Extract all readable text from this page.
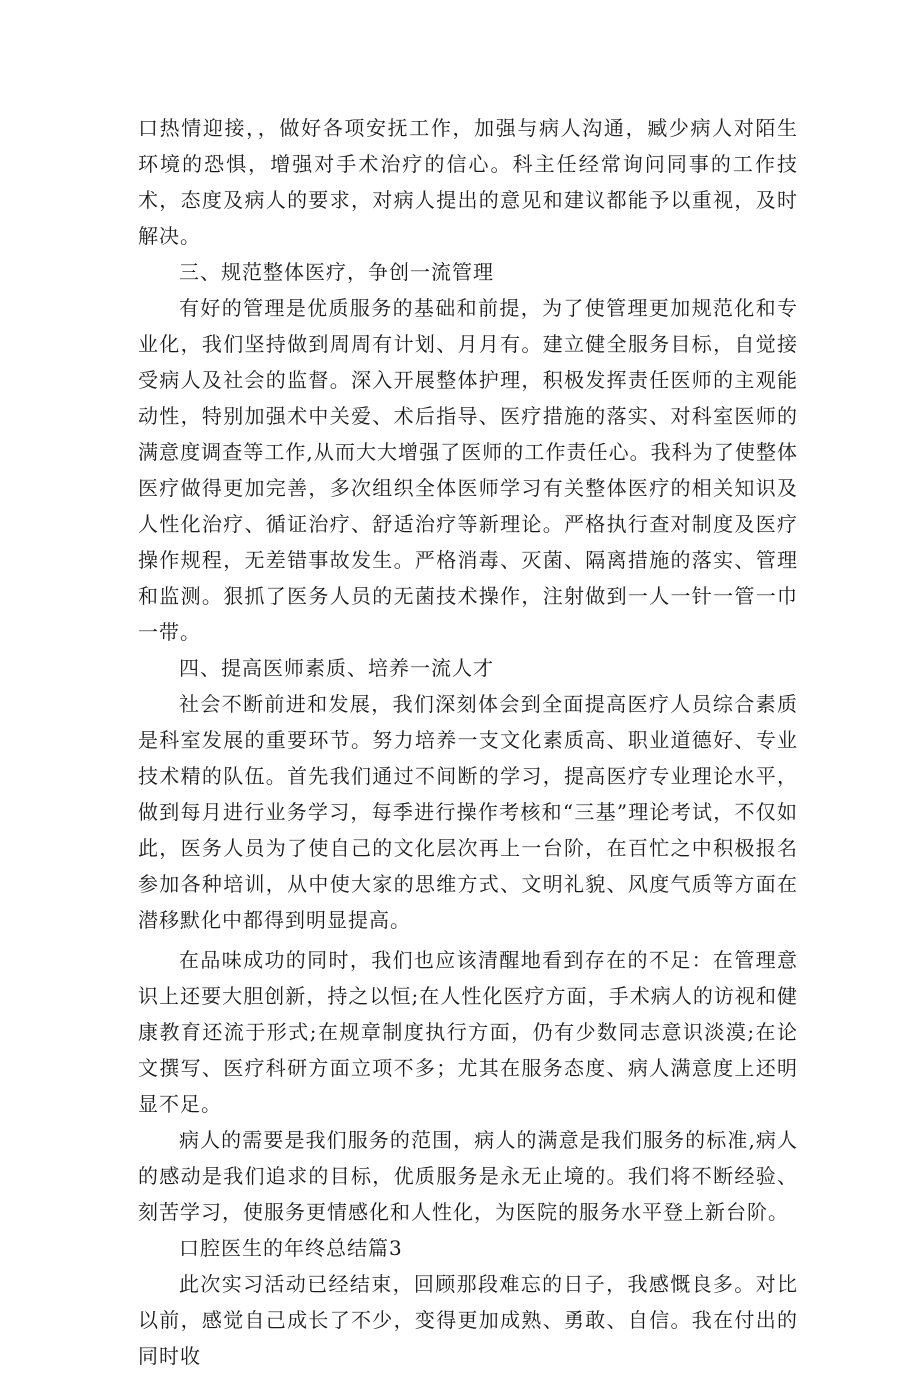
口热情迎接，，做好各项安抚工作，加强与病人沟通，臧少病人对陌生环境的恐惧，增强对手术治疗的信心。科主任经常询问同事的工作技术，态度及病人的要求，对病人提出的意见和建议都能予以重视，及时解决。

三、规范整体医疗，争创一流管理

有好的管理是优质服务的基础和前提，为了使管理更加规范化和专业化，我们坚持做到周周有计划、月月有。建立健全服务目标，自觉接受病人及社会的监督。深入开展整体护理，积极发挥责任医师的主观能动性，特别加强术中关爱、术后指导、医疗措施的落实、对科室医师的满意度调查等工作,从而大大增强了医师的工作责任心。我科为了使整体医疗做得更加完善，多次组织全体医师学习有关整体医疗的相关知识及人性化治疗、循证治疗、舒适治疗等新理论。严格执行查对制度及医疗操作规程，无差错事故发生。严格消毒、灭菌、隔离措施的落实、管理和监测。狠抓了医务人员的无菌技术操作，注射做到一人一针一管一巾一带。

四、提高医师素质、培养一流人才

社会不断前进和发展，我们深刻体会到全面提高医疗人员综合素质是科室发展的重要环节。努力培养一支文化素质高、职业道德好、专业技术精的队伍。首先我们通过不间断的学习，提高医疗专业理论水平，做到每月进行业务学习，每季进行操作考核和“三基”理论考试，不仅如此，医务人员为了使自己的文化层次再上一台阶，在百忙之中积极报名参加各种培训，从中使大家的思维方式、文明礼貌、风度气质等方面在潜移默化中都得到明显提高。

在品味成功的同时，我们也应该清醒地看到存在的不足：在管理意识上还要大胆创新，持之以恒;在人性化医疗方面，手术病人的访视和健康教育还流于形式;在规章制度执行方面，仍有少数同志意识淡漠;在论文撰写、医疗科研方面立项不多；尤其在服务态度、病人满意度上还明显不足。

病人的需要是我们服务的范围，病人的满意是我们服务的标准,病人的感动是我们追求的目标，优质服务是永无止境的。我们将不断经验、刻苦学习，使服务更情感化和人性化，为医院的服务水平登上新台阶。

口腔医生的年终总结篇3

此次实习活动已经结束，回顾那段难忘的日子，我感慨良多。对比以前，感觉自己成长了不少，变得更加成熟、勇敢、自信。我在付出的同时收
